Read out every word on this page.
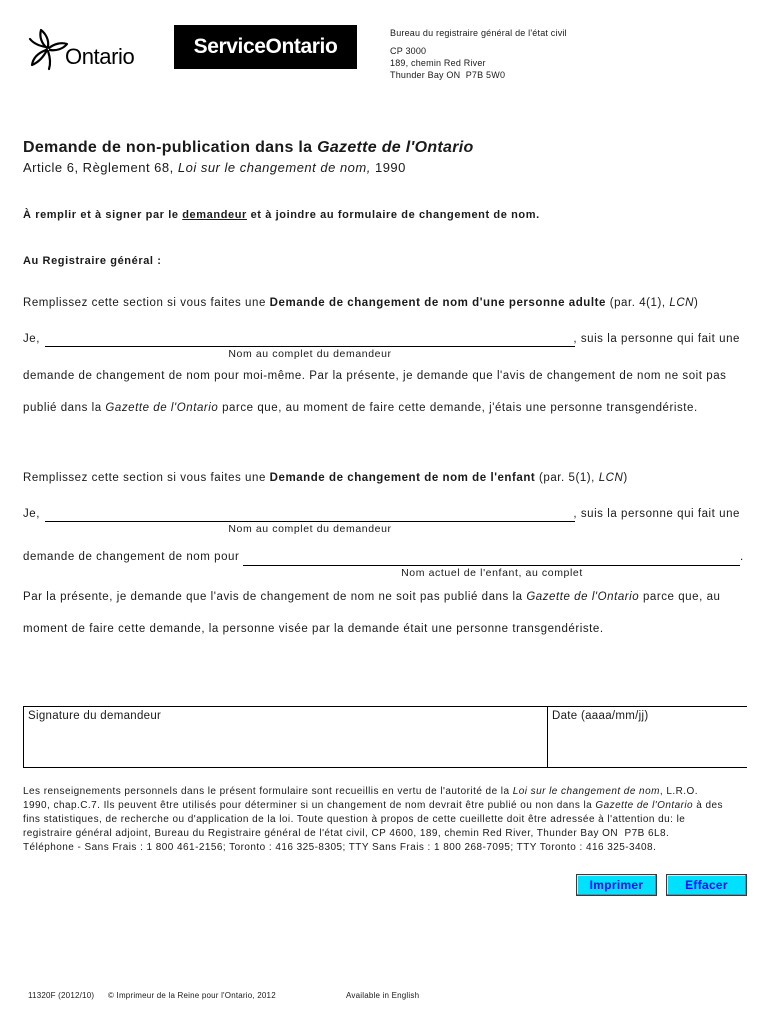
Ontario	ServiceOntario
Bureau du registraire général de l'état civil
CP 3000
189, chemin Red River
Thunder Bay ON  P7B 5W0
Demande de non-publication dans la Gazette de l'Ontario
Article 6, Règlement 68, Loi sur le changement de nom, 1990
À remplir et à signer par le demandeur et à joindre au formulaire de changement de nom.
Au Registraire général :
Remplissez cette section si vous faites une Demande de changement de nom d'une personne adulte (par. 4(1), LCN)
Je,	, suis la personne qui fait une
Nom au complet du demandeur
demande de changement de nom pour moi-même. Par la présente, je demande que l'avis de changement de nom ne soit pas
publié dans la Gazette de l'Ontario parce que, au moment de faire cette demande, j'étais une personne transgendériste.
Remplissez cette section si vous faites une Demande de changement de nom de l'enfant (par. 5(1), LCN)
Je,	, suis la personne qui fait une
Nom au complet du demandeur
demande de changement de nom pour	.
Nom actuel de l'enfant, au complet
Par la présente, je demande que l'avis de changement de nom ne soit pas publié dans la Gazette de l'Ontario parce que, au
moment de faire cette demande, la personne visée par la demande était une personne transgendériste.
Signature du demandeur	Date (aaaa/mm/jj)
Les renseignements personnels dans le présent formulaire sont recueillis en vertu de l'autorité de la Loi sur le changement de nom, L.R.O.
1990, chap.C.7. Ils peuvent être utilisés pour déterminer si un changement de nom devrait être publié ou non dans la Gazette de l'Ontario à des
fins statistiques, de recherche ou d'application de la loi. Toute question à propos de cette cueillette doit être adressée à l'attention du: le
registraire général adjoint, Bureau du Registraire général de l'état civil, CP 4600, 189, chemin Red River, Thunder Bay ON  P7B 6L8.
Téléphone - Sans Frais : 1 800 461-2156; Toronto : 416 325-8305; TTY Sans Frais : 1 800 268-7095; TTY Toronto : 416 325-3408.
Imprimer	Effacer
11320F (2012/10) © Imprimeur de la Reine pour l'Ontario, 2012	Available in English
